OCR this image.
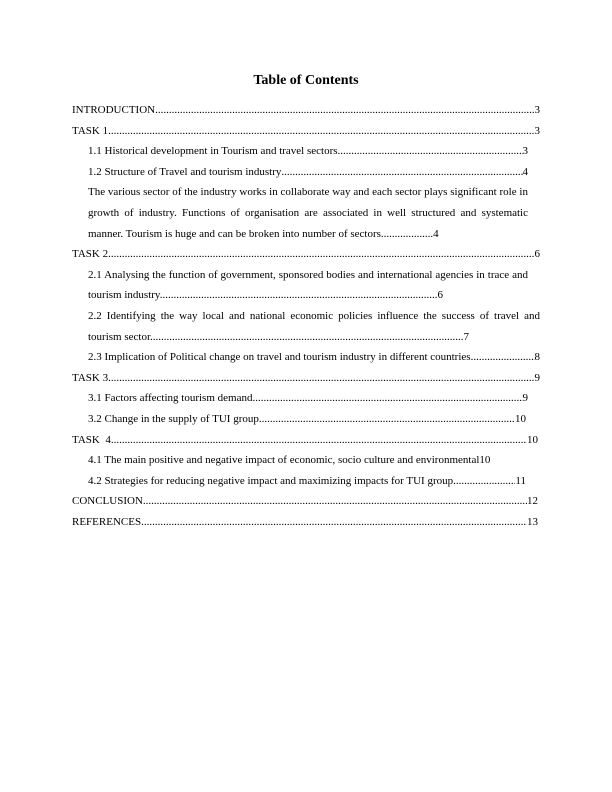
Table of Contents
INTRODUCTION .....	3
TASK 1 .....	3
1.1 Historical development in Tourism and travel sectors .....	3
1.2 Structure of Travel and tourism industry .....	4
The various sector of the industry works in collaborate way and each sector plays significant role in growth of industry. Functions of organisation are associated in well structured and systematic manner. Tourism is huge and can be broken into number of sectors .....	4
TASK 2 .....	6
2.1 Analysing the function of government, sponsored bodies and international agencies in trace and tourism industry.....................................................................................................6
2.2 Identifying the way local and national economic policies influence the success of travel and tourism sector..................................................................................................................7
2.3 Implication of Political change on travel and tourism industry in different countries .....	8
TASK 3 .....	9
3.1 Factors affecting tourism demand .....	9
3.2 Change in the supply of TUI group .....	10
TASK  4 .....	10
4.1 The main positive and negative impact of economic, socio culture and environmental 10
4.2 Strategies for reducing negative impact and maximizing impacts for TUI group .....	11
CONCLUSION .....	12
REFERENCES .....	13
